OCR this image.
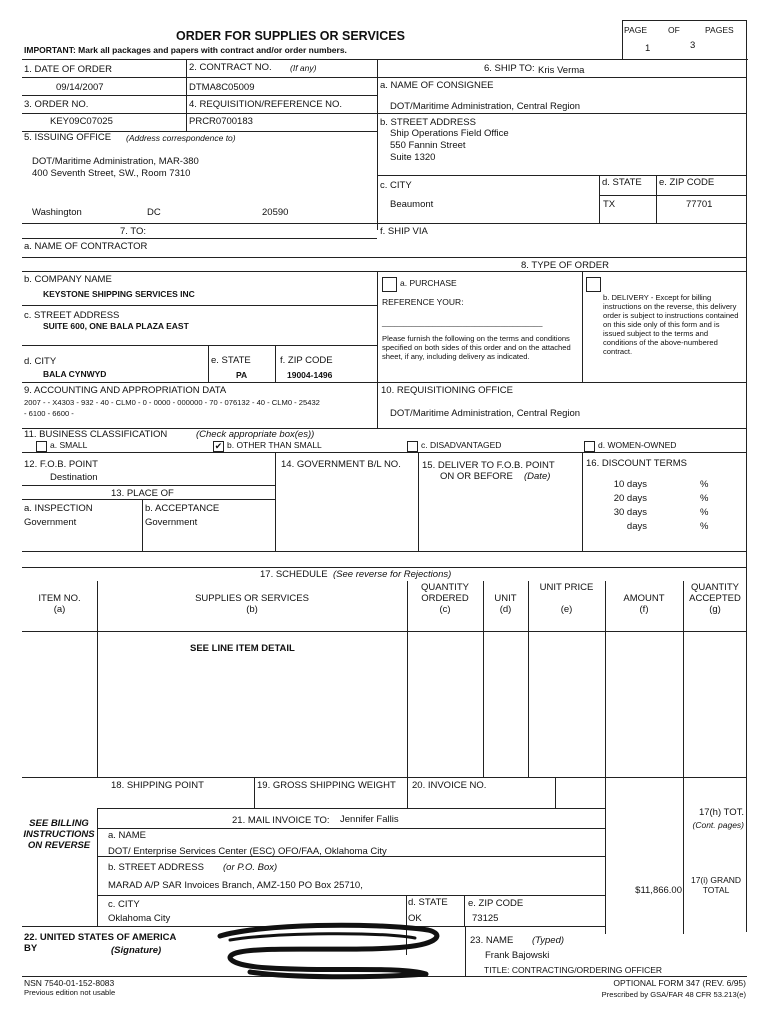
ORDER FOR SUPPLIES OR SERVICES
IMPORTANT: Mark all packages and papers with contract and/or order numbers.
PAGE OF	PAGES
1	3
1. DATE OF ORDER
09/14/2007
2. CONTRACT NO. (If any)
DTMA8C05009
3. ORDER NO.
KEY09C07025
4. REQUISITION/REFERENCE NO.
PRCR0700183
5. ISSUING OFFICE (Address correspondence to)
DOT/Maritime Administration, MAR-380
400 Seventh Street, SW., Room 7310
Washington	DC	20590
6. SHIP TO: Kris Verma
a. NAME OF CONSIGNEE
DOT/Maritime Administration, Central Region
b. STREET ADDRESS
Ship Operations Field Office
550 Fannin Street
Suite 1320
c. CITY
Beaumont
d. STATE
TX
e. ZIP CODE
77701
f. SHIP VIA
7. TO:
a. NAME OF CONTRACTOR
b. COMPANY NAME
KEYSTONE SHIPPING SERVICES INC
c. STREET ADDRESS
SUITE 600, ONE BALA PLAZA EAST
d. CITY
BALA CYNWYD
e. STATE
PA
f. ZIP CODE
19004-1496
8. TYPE OF ORDER
a. PURCHASE
REFERENCE YOUR:
______________________________________
Please furnish the following on the terms and conditions specified on both sides of this order and on the attached sheet, if any, including delivery as indicated.
b. DELIVERY - Except for billing instructions on the reverse, this delivery order is subject to instructions contained on this side only of this form and is issued subject to the terms and conditions of the above-numbered contract.
9. ACCOUNTING AND APPROPRIATION DATA
2007 - - X4303 - 932 - 40 - CLM0 - 0 - 0000 - 000000 - 70 - 076132 - 40 - CLM0 - 25432
- 6100 - 6600 -
10. REQUISITIONING OFFICE
DOT/Maritime Administration, Central Region
11. BUSINESS CLASSIFICATION	(Check appropriate box(es))
a. SMALL	✔ b. OTHER THAN SMALL	c. DISADVANTAGED	d. WOMEN-OWNED
12. F.O.B. POINT
Destination
13. PLACE OF
a. INSPECTION
Government
b. ACCEPTANCE
Government
14. GOVERNMENT B/L NO. 15. DELIVER TO F.O.B. POINT
ON OR BEFORE (Date)
16. DISCOUNT TERMS
10 days	%
20 days	%
30 days	%
days	%
17. SCHEDULE (See reverse for Rejections)
ITEM NO.
(a)
SUPPLIES OR SERVICES
(b)
QUANTITY ORDERED
(c)
UNIT
(d)
UNIT PRICE
(e)
AMOUNT
(f)
QUANTITY ACCEPTED
(g)
SEE LINE ITEM DETAIL
18. SHIPPING POINT	19. GROSS SHIPPING WEIGHT 20. INVOICE NO.
17(h) TOT.
(Cont. pages)
SEE BILLING INSTRUCTIONS ON REVERSE
21. MAIL INVOICE TO: Jennifer Fallis
a. NAME
DOT/ Enterprise Services Center (ESC) OFO/FAA, Oklahoma City
b. STREET ADDRESS (or P.O. Box)
MARAD A/P SAR Invoices Branch, AMZ-150 PO Box 25710,
c. CITY
Oklahoma City
d. STATE
OK
e. ZIP CODE
73125
$11,866.00
17(i) GRAND TOTAL
22. UNITED STATES OF AMERICA BY	(Signature)
23. NAME (Typed)
Frank Bajowski
TITLE: CONTRACTING/ORDERING OFFICER
NSN 7540-01-152-8083
Previous edition not usable
OPTIONAL FORM 347 (REV. 6/95)
Prescribed by GSA/FAR 48 CFR 53.213(e)
